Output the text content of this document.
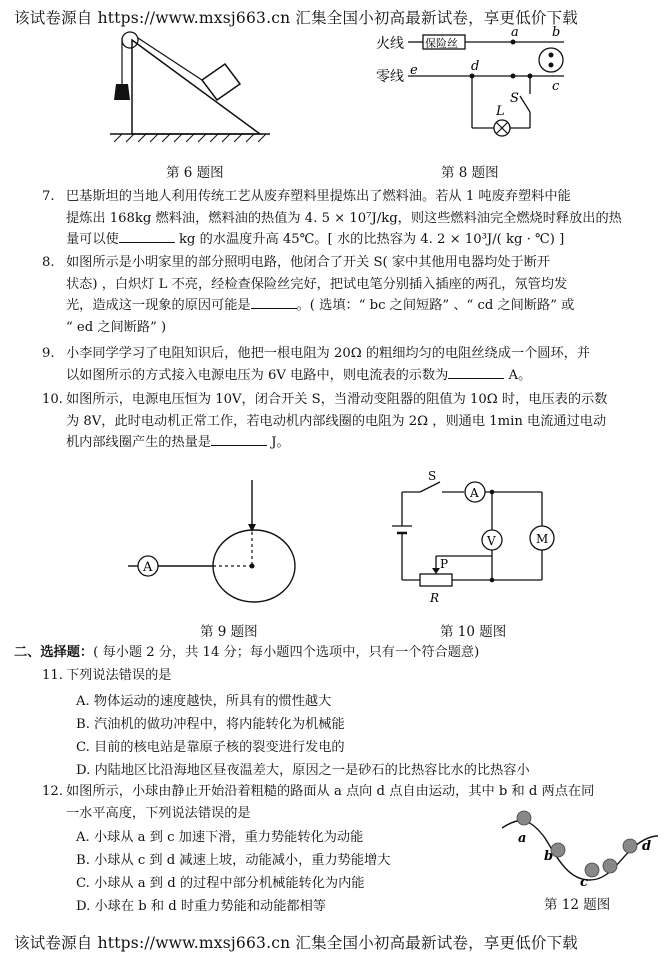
该试卷源自 https://www.mxsj663.cn 汇集全国小初高最新试卷，享更低价下载
第 6 题图
火线
零线
保险丝
a
d
e
c
b
L
S
第 8 题图
7. 巴基斯坦的当地人利用传统工艺从废弃塑料里提炼出了燃料油。若从 1 吨废弃塑料中能
提炼出 168kg 燃料油，燃料油的热值为 4. 5 × 10⁷J/kg，则这些燃料油完全燃烧时释放出的热
量可以使	kg 的水温度升高 45℃。[ 水的比热容为 4. 2 × 10³J/( kg · ℃) ]
8. 如图所示是小明家里的部分照明电路，他闭合了开关 S( 家中其他用电器均处于断开
状态) ，白炽灯 L 不亮，经检查保险丝完好，把试电笔分别插入插座的两孔，氖管均发
光，造成这一现象的原因可能是	。( 选填：“ bc 之间短路” 、“ cd 之间断路” 或
“ ed 之间断路” )
9. 小李同学学习了电阻知识后，他把一根电阻为 20Ω 的粗细均匀的电阻丝绕成一个圆环，并
以如图所示的方式接入电源电压为 6V 电路中，则电流表的示数为	A。
10. 如图所示，电源电压恒为 10V，闭合开关 S，当滑动变阻器的阻值为 10Ω 时，电压表的示数
为 8V，此时电动机正常工作，若电动机内部线圈的电阻为 2Ω ，则通电 1min 电流通过电动
机内部线圈产生的热量是	J。
A
第 9 题图
S
A
P
R
V	M
第 10 题图
二、选择题：( 每小题 2 分，共 14 分；每小题四个选项中，只有一个符合题意)
11. 下列说法错误的是
A. 物体运动的速度越快，所具有的惯性越大
B. 汽油机的做功冲程中，将内能转化为机械能
C. 目前的核电站是靠原子核的裂变进行发电的
D. 内陆地区比沿海地区昼夜温差大，原因之一是砂石的比热容比水的比热容小
12. 如图所示，小球由静止开始沿着粗糙的路面从 a 点向 d 点自由运动，其中 b 和 d 两点在同
一水平高度，下列说法错误的是
A. 小球从 a 到 c 加速下滑，重力势能转化为动能
B. 小球从 c 到 d 减速上坡，动能减小，重力势能增大
C. 小球从 a 到 d 的过程中部分机械能转化为内能
D. 小球在 b 和 d 时重力势能和动能都相等
a
b
c
d
第 12 题图
该试卷源自 https://www.mxsj663.cn 汇集全国小初高最新试卷，享更低价下载
